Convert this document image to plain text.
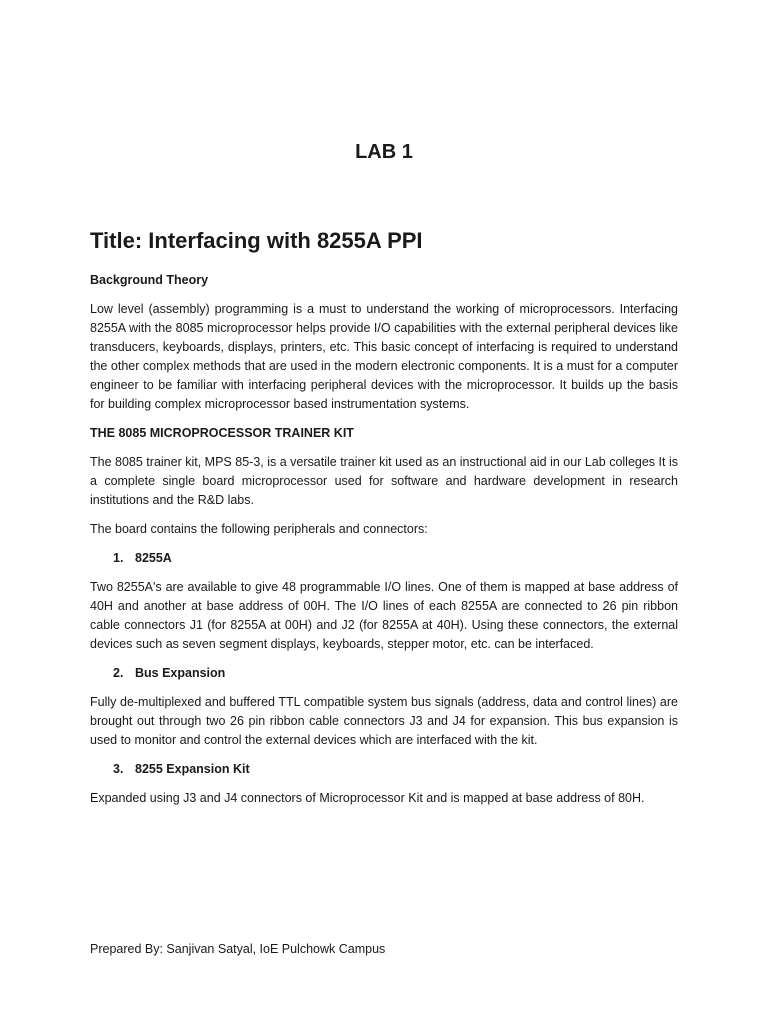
LAB 1
Title: Interfacing with 8255A PPI
Background Theory

Low level (assembly) programming is a must to understand the working of microprocessors. Interfacing 8255A with the 8085 microprocessor helps provide I/O capabilities with the external peripheral devices like transducers, keyboards, displays, printers, etc. This basic concept of interfacing is required to understand the other complex methods that are used in the modern electronic components. It is a must for a computer engineer to be familiar with interfacing peripheral devices with the microprocessor. It builds up the basis for building complex microprocessor based instrumentation systems.

THE 8085 MICROPROCESSOR TRAINER KIT

The 8085 trainer kit, MPS 85-3, is a versatile trainer kit used as an instructional aid in our Lab colleges It is a complete single board microprocessor used for software and hardware development in research institutions and the R&D labs.

The board contains the following peripherals and connectors:

1. 8255A

Two 8255A's are available to give 48 programmable I/O lines. One of them is mapped at base address of 40H and another at base address of 00H. The I/O lines of each 8255A are connected to 26 pin ribbon cable connectors J1 (for 8255A at 00H) and J2 (for 8255A at 40H). Using these connectors, the external devices such as seven segment displays, keyboards, stepper motor, etc. can be interfaced.

2. Bus Expansion

Fully de-multiplexed and buffered TTL compatible system bus signals (address, data and control lines) are brought out through two 26 pin ribbon cable connectors J3 and J4 for expansion. This bus expansion is used to monitor and control the external devices which are interfaced with the kit.

3. 8255 Expansion Kit

Expanded using J3 and J4 connectors of Microprocessor Kit and is mapped at base address of 80H.

Prepared By: Sanjivan Satyal, IoE Pulchowk Campus
